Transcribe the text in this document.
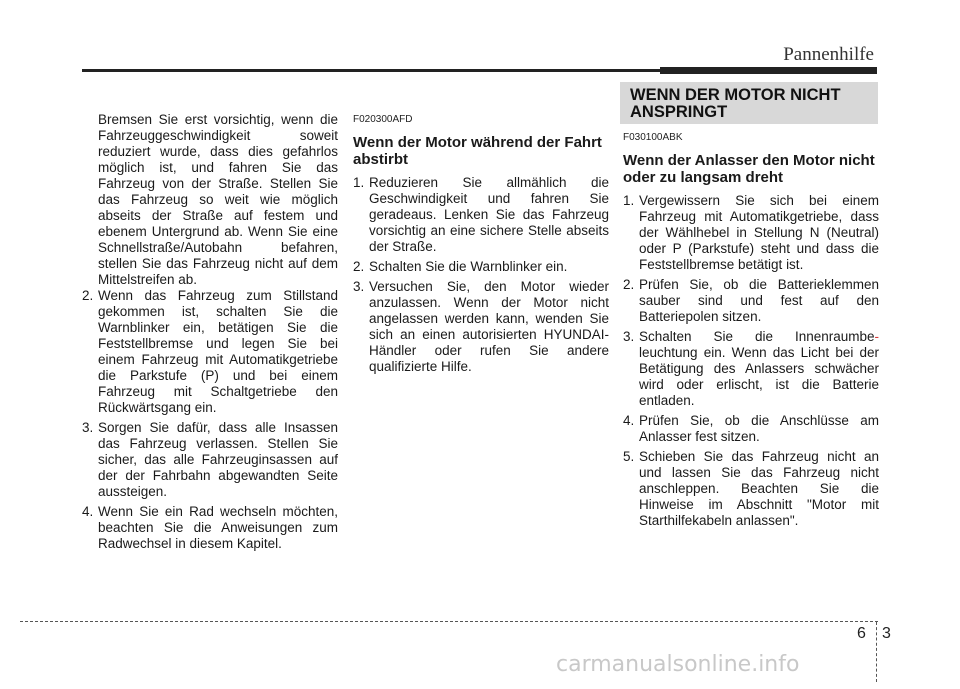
Pannenhilfe

Bremsen Sie erst vorsichtig, wenn die Fahrzeuggeschwindigkeit soweit reduziert wurde, dass dies gefahrlos möglich ist, und fahren Sie das Fahrzeug von der Straße. Stellen Sie das Fahrzeug so weit wie möglich abseits der Straße auf festem und ebenem Untergrund ab. Wenn Sie eine Schnellstraße/Autobahn befahren, stellen Sie das Fahrzeug nicht auf dem Mittelstreifen ab.

2. Wenn das Fahrzeug zum Stillstand gekommen ist, schalten Sie die Warnblinker ein, betätigen Sie die Feststellbremse und legen Sie bei einem Fahrzeug mit Automatikgetriebe die Parkstufe (P) und bei einem Fahrzeug mit Schaltgetriebe den Rückwärtsgang ein.
3. Sorgen Sie dafür, dass alle Insassen das Fahrzeug verlassen. Stellen Sie sicher, das alle Fahrzeuginsassen auf der der Fahrbahn abgewandten Seite aussteigen.
4. Wenn Sie ein Rad wechseln möchten, beachten Sie die Anweisungen zum Radwechsel in diesem Kapitel.
F020300AFD
Wenn der Motor während der Fahrt abstirbt
1. Reduzieren Sie allmählich die Geschwindigkeit und fahren Sie geradeaus. Lenken Sie das Fahrzeug vorsichtig an eine sichere Stelle abseits der Straße.
2. Schalten Sie die Warnblinker ein.
3. Versuchen Sie, den Motor wieder anzulassen. Wenn der Motor nicht angelassen werden kann, wenden Sie sich an einen autorisierten HYUNDAI-Händler oder rufen Sie andere qualifizierte Hilfe.
WENN DER MOTOR NICHT ANSPRINGT
F030100ABK
Wenn der Anlasser den Motor nicht oder zu langsam dreht
1. Vergewissern Sie sich bei einem Fahrzeug mit Automatikgetriebe, dass der Wählhebel in Stellung N (Neutral) oder P (Parkstufe) steht und dass die Feststellbremse betätigt ist.
2. Prüfen Sie, ob die Batterieklemmen sauber sind und fest auf den Batteriepolen sitzen.
3. Schalten Sie die Innenraumbe-leuchtung ein. Wenn das Licht bei der Betätigung des Anlassers schwächer wird oder erlischt, ist die Batterie entladen.
4. Prüfen Sie, ob die Anschlüsse am Anlasser fest sitzen.
5. Schieben Sie das Fahrzeug nicht an und lassen Sie das Fahrzeug nicht anschleppen. Beachten Sie die Hinweise im Abschnitt "Motor mit Starthilfekabeln anlassen".
6 3
carmanualsonline.info
